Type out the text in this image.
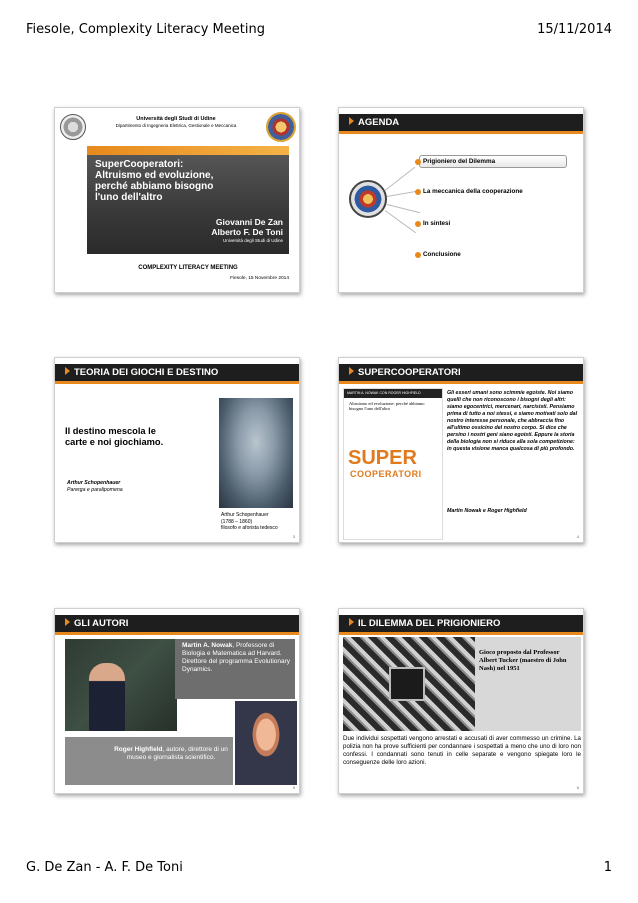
Fiesole, Complexity Literacy Meeting	15/11/2014
Università degli Studi di Udine
Dipartimento di Ingegneria Elettrica, Gestionale e Meccanica
SuperCooperatori:
Altruismo ed evoluzione,
perché abbiamo bisogno
l'uno dell'altro
Giovanni De Zan
Alberto F. De Toni
Università degli Studi di Udine
COMPLEXITY LITERACY MEETING
Fiesole, 15 Novembre 2014
AGENDA
Prigioniero del Dilemma
La meccanica della cooperazione
In sintesi
Conclusione
TEORIA DEI GIOCHI E DESTINO
Il destino mescola le
carte e noi giochiamo.
Arthur Schopenhauer
Parerga e paralipomena
Arthur Schopenhauer
(1788 – 1860)
filosofo e aforista tedesco
3
SUPERCOOPERATORI
MARTIN A. NOWAK CON ROGER HIGHFIELD
Altruismo ed evoluzione: perché abbiamo bisogno l'uno dell'altro
SUPER
COOPERATORI
Gli esseri umani sono scimmie egoiste. Noi siamo quelli che non riconoscono i bisogni degli altri: siamo egocentrici, mercenari, narcisisti. Pensiamo prima di tutto a noi stessi, e siamo motivati solo dal nostro interesse personale, che abbraccia fino all'ultimo ossicino del nostro corpo. Si dice che persino i nostri geni siano egoisti. Eppure la storia della biologia non si riduce alla sola competizione: in questa visione manca qualcosa di più profondo.
Martin Nowak e Roger Highfield
4
GLI AUTORI
Martin A. Nowak, Professore di Biologia e Matematica ad Harvard. Direttore del programma Evolutionary Dynamics.
Roger Highfield, autore, direttore di un museo e giornalista scientifico.
5
IL DILEMMA DEL PRIGIONIERO
Gioco proposto dal Professor Albert Tucker (maestro di John Nash) nel 1951
Due individui sospettati vengono arrestati e accusati di aver commesso un crimine. La polizia non ha prove sufficienti per condannare i sospettati a meno che uno di loro non confessi. I condannati sono tenuti in celle separate e vengono spiegate loro le conseguenze delle loro azioni.
6
G. De Zan - A. F. De Toni	1
